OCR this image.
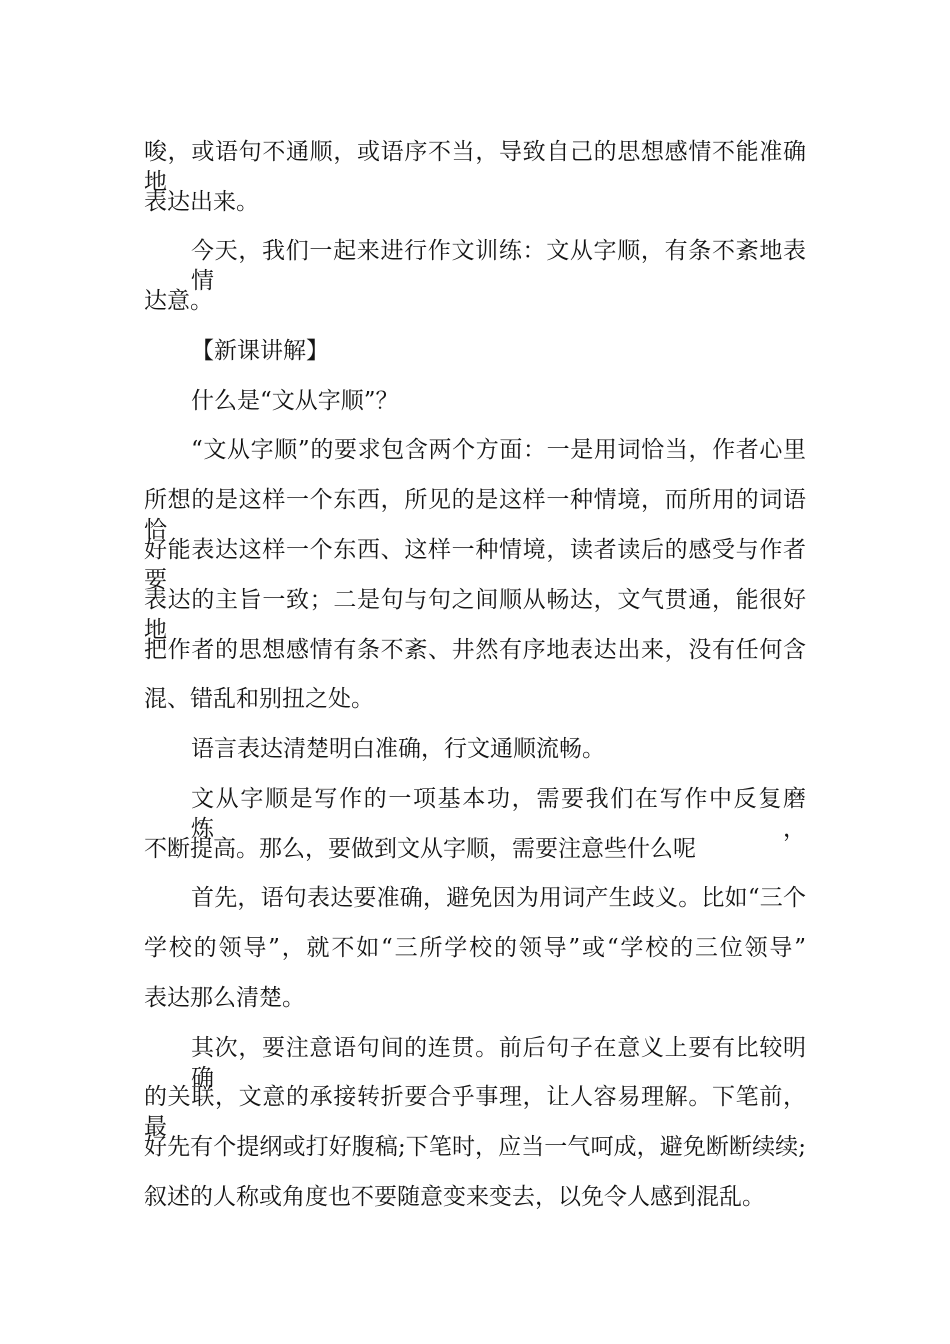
唆，或语句不通顺，或语序不当，导致自己的思想感情不能准确地
表达出来。
今天，我们一起来进行作文训练：文从字顺，有条不紊地表情
达意。
【新课讲解】
什么是“文从字顺”？
“文从字顺”的要求包含两个方面：一是用词恰当，作者心里
所想的是这样一个东西，所见的是这样一种情境，而所用的词语恰
好能表达这样一个东西、这样一种情境，读者读后的感受与作者要
表达的主旨一致；二是句与句之间顺从畅达，文气贯通，能很好地
把作者的思想感情有条不紊、井然有序地表达出来，没有任何含
混、错乱和别扭之处。
语言表达清楚明白准确，行文通顺流畅。
文从字顺是写作的一项基本功，需要我们在写作中反复磨炼，
不断提高。那么，要做到文从字顺，需要注意些什么呢
首先，语句表达要准确，避免因为用词产生歧义。比如“三个
学校的领导”，就不如“三所学校的领导”或“学校的三位领导”
表达那么清楚。
其次，要注意语句间的连贯。前后句子在意义上要有比较明确
的关联，文意的承接转折要合乎事理，让人容易理解。下笔前，最
好先有个提纲或打好腹稿;下笔时，应当一气呵成，避免断断续续;
叙述的人称或角度也不要随意变来变去，以免令人感到混乱。
